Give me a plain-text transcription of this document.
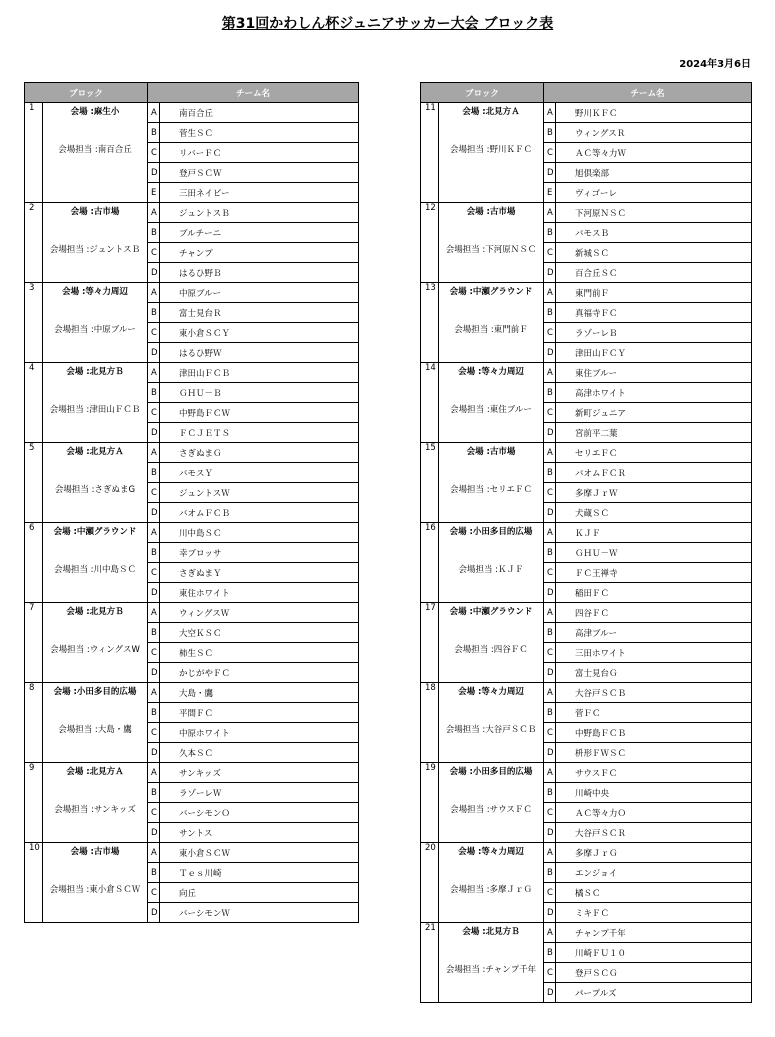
第31回かわしん杯ジュニアサッカー大会 ブロック表
2024年3月6日
ブロック		チーム名	
1	会場 :麻生小
会場担当 :南百合丘	A	南百合丘
		B	菅生ＳＣ
		C	リバーＦＣ
		D	登戸ＳＣＷ
		E	三田ネイビー
2	会場 :古市場
会場担当 :ジュントスＢ	A	ジュントスＢ
		B	ブルチーニ
		C	チャンプ
		D	はるひ野Ｂ
3	会場 :等々力周辺
会場担当 :中原ブルー	A	中原ブルー
		B	富士見台Ｒ
		C	東小倉ＳＣＹ
		D	はるひ野Ｗ
4	会場 :北見方Ｂ
会場担当 :津田山ＦＣＢ	A	津田山ＦＣＢ
		B	ＧＨＵ－Ｂ
		C	中野島ＦＣＷ
		D	ＦＣＪＥＴＳ
5	会場 :北見方Ａ
会場担当 :さぎぬまG	A	さぎぬまＧ
		B	バモスＹ
		C	ジュントスＷ
		D	バオムＦＣＢ
6	会場 :中瀬グラウンド
会場担当 :川中島ＳＣ	A	川中島ＳＣ
		B	幸ブロッサ
		C	さぎぬまＹ
		D	東住ホワイト
7	会場 :北見方Ｂ
会場担当 :ウィングスW	A	ウィングスＷ
		B	大空ＫＳＣ
		C	柿生ＳＣ
		D	かじがやＦＣ
8	会場 :小田多目的広場
会場担当 :大島・鷹	A	大島・鷹
		B	平間ＦＣ
		C	中原ホワイト
		D	久本ＳＣ
9	会場 :北見方Ａ
会場担当 :サンキッズ	A	サンキッズ
		B	ラゾーレＷ
		C	バーシモンＯ
		D	サントス
10	会場 :古市場
会場担当 :東小倉ＳＣＷ	A	東小倉ＳＣＷ
		B	Ｔｅｓ川崎
		C	向丘
		D	バーシモンＷ
ブロック		チーム名	
11	会場 :北見方Ａ
会場担当 :野川ＫＦＣ	A	野川ＫＦＣ
		B	ウィングスＲ
		C	ＡＣ等々力Ｗ
		D	旭倶楽部
		E	ヴィゴーレ
12	会場 :古市場
会場担当 :下河原ＮＳＣ	A	下河原ＮＳＣ
		B	バモスＢ
		C	新城ＳＣ
		D	百合丘ＳＣ
13	会場 :中瀬グラウンド
会場担当 :東門前Ｆ	A	東門前Ｆ
		B	真福寺ＦＣ
		C	ラゾーレＢ
		D	津田山ＦＣＹ
14	会場 :等々力周辺
会場担当 :東住ブルー	A	東住ブルー
		B	高津ホワイト
		C	新町ジュニア
		D	宮前平二葉
15	会場 :古市場
会場担当 :セリエＦＣ	A	セリエＦＣ
		B	バオムＦＣＲ
		C	多摩ＪｒＷ
		D	犬蔵ＳＣ
16	会場 :小田多目的広場
会場担当 :ＫＪＦ	A	ＫＪＦ
		B	ＧＨＵ－Ｗ
		C	ＦＣ王禅寺
		D	稲田ＦＣ
17	会場 :中瀬グラウンド
会場担当 :四谷ＦＣ	A	四谷ＦＣ
		B	高津ブルー
		C	三田ホワイト
		D	富士見台Ｇ
18	会場 :等々力周辺
会場担当 :大谷戸ＳＣＢ	A	大谷戸ＳＣＢ
		B	菅ＦＣ
		C	中野島ＦＣＢ
		D	枡形ＦＷＳＣ
19	会場 :小田多目的広場
会場担当 :サウスＦＣ	A	サウスＦＣ
		B	川崎中央
		C	ＡＣ等々力Ｏ
		D	大谷戸ＳＣＲ
20	会場 :等々力周辺
会場担当 :多摩ＪｒＧ	A	多摩ＪｒＧ
		B	エンジョイ
		C	橘ＳＣ
		D	ミキＦＣ
21	会場 :北見方Ｂ
会場担当 :チャンプ千年	A	チャンプ千年
		B	川崎ＦＵ１０
		C	登戸ＳＣＧ
		D	パープルズ
